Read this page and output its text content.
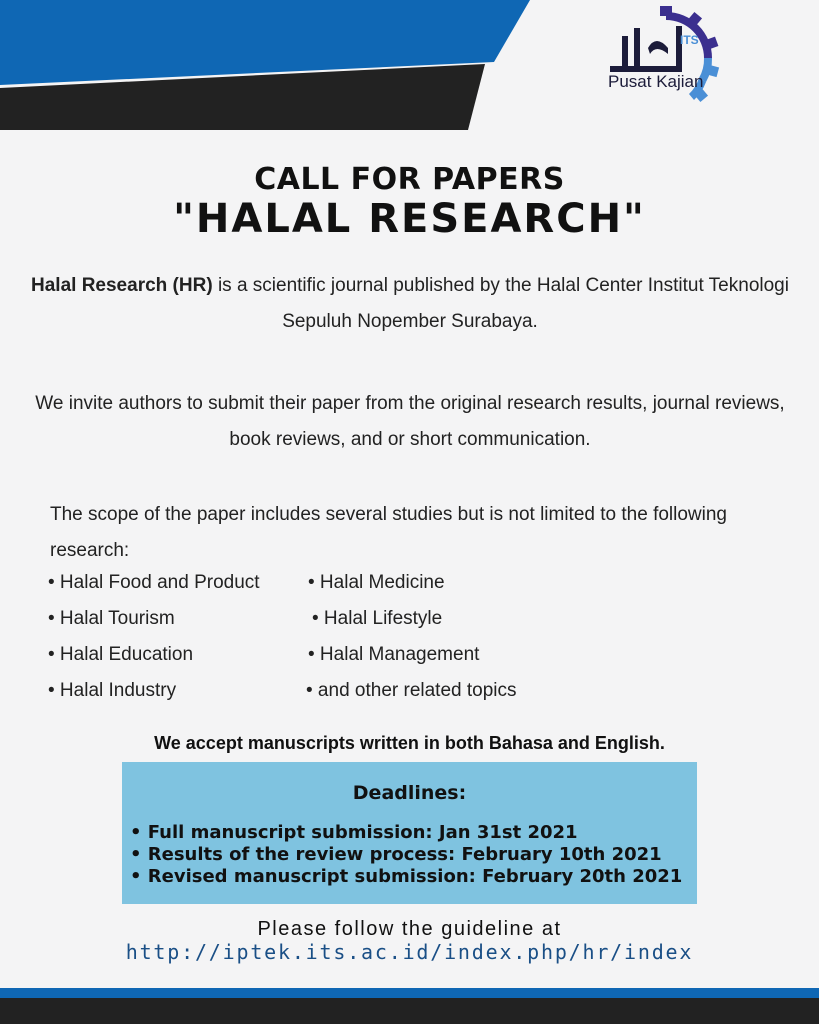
ITS
Pusat Kajian
CALL FOR PAPERS
"HALAL RESEARCH"
Halal Research (HR) is a scientific journal published by the Halal Center Institut Teknologi Sepuluh Nopember Surabaya.
We invite authors to submit their paper from the original research results, journal reviews, book reviews, and or short communication.
The scope of the paper includes several studies but is not limited to the following research:
• Halal Food and Product
• Halal Tourism
• Halal Education
• Halal Industry
• Halal Medicine
• Halal Lifestyle
• Halal Management
• and other related topics
We accept manuscripts written in both Bahasa and English.
Deadlines:
• Full manuscript submission: Jan 31st 2021
• Results of the review process: February 10th 2021
• Revised manuscript submission: February 20th 2021
Please follow the guideline at
http://iptek.its.ac.id/index.php/hr/index
